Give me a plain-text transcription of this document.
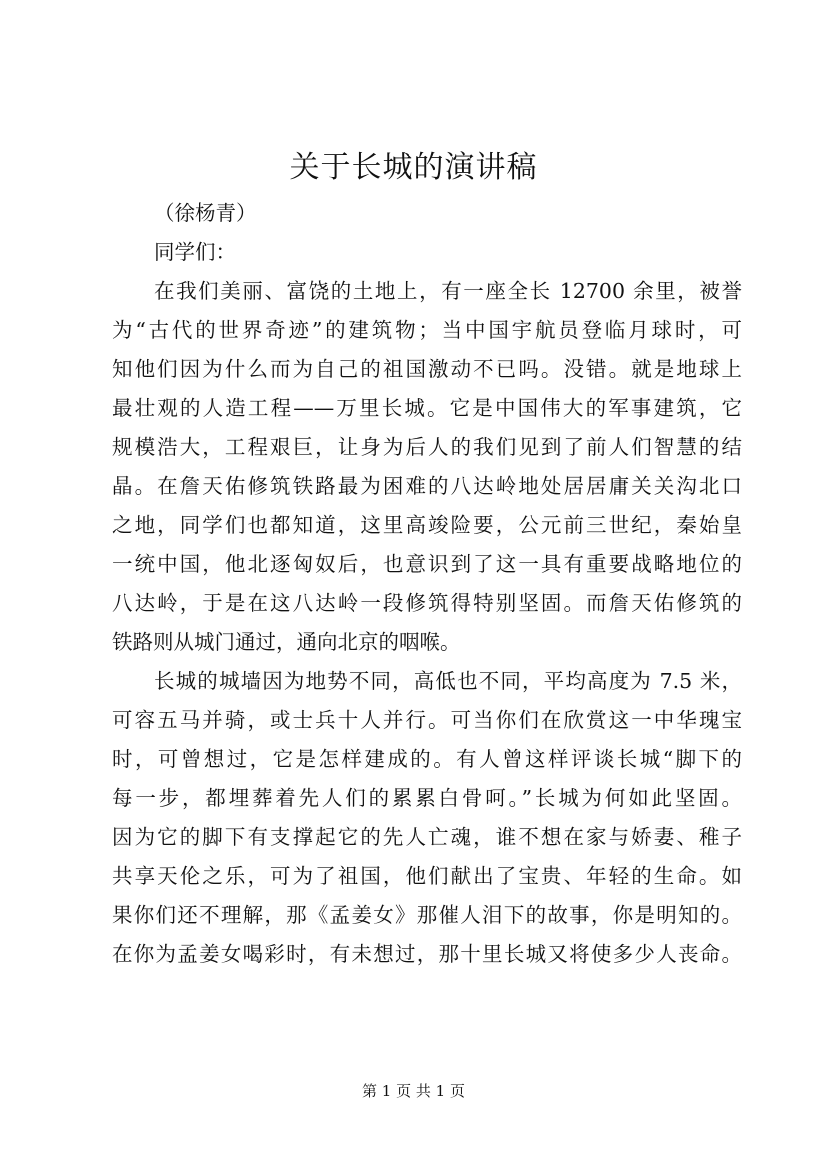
关于长城的演讲稿
（徐杨青）
同学们：
在我们美丽、富饶的土地上，有一座全长 12700 余里，被誉
为“古代的世界奇迹”的建筑物；当中国宇航员登临月球时，可
知他们因为什么而为自己的祖国激动不已吗。没错。就是地球上
最壮观的人造工程——万里长城。它是中国伟大的军事建筑，它
规模浩大，工程艰巨，让身为后人的我们见到了前人们智慧的结
晶。在詹天佑修筑铁路最为困难的八达岭地处居居庸关关沟北口
之地，同学们也都知道，这里高竣险要，公元前三世纪，秦始皇
一统中国，他北逐匈奴后，也意识到了这一具有重要战略地位的
八达岭，于是在这八达岭一段修筑得特别坚固。而詹天佑修筑的
铁路则从城门通过，通向北京的咽喉。
长城的城墙因为地势不同，高低也不同，平均高度为 7.5 米，
可容五马并骑，或士兵十人并行。可当你们在欣赏这一中华瑰宝
时，可曾想过，它是怎样建成的。有人曾这样评谈长城“脚下的
每一步，都埋葬着先人们的累累白骨呵。”长城为何如此坚固。
因为它的脚下有支撑起它的先人亡魂，谁不想在家与娇妻、稚子
共享天伦之乐，可为了祖国，他们献出了宝贵、年轻的生命。如
果你们还不理解，那《孟姜女》那催人泪下的故事，你是明知的。
在你为孟姜女喝彩时，有未想过，那十里长城又将使多少人丧命。
第 1 页 共 1 页
